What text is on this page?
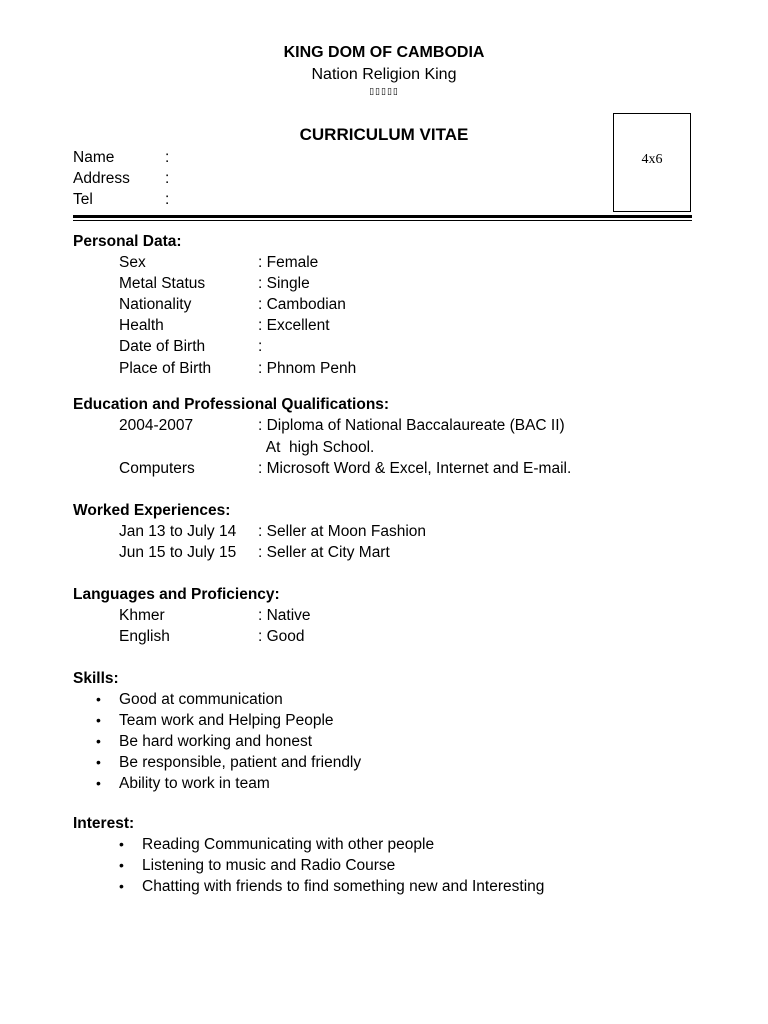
KING DOM OF CAMBODIA
Nation Religion King
▯▯▯▯▯
CURRICULUM VITAE
4x6
Name	:
Address :
Tel	:
Personal Data:
Sex	: Female
Metal Status	: Single
Nationality	: Cambodian
Health	: Excellent
Date of Birth	:
Place of Birth	: Phnom Penh
Education and Professional Qualifications:
2004-2007	: Diploma of National Baccalaureate (BAC II)
At  high School.
Computers	: Microsoft Word & Excel, Internet and E-mail.
Worked Experiences:
Jan 13 to July 14 : Seller at Moon Fashion
Jun 15 to July 15 : Seller at City Mart
Languages and Proficiency:
Khmer	: Native
English	: Good
Skills:
• Good at communication
• Team work and Helping People
• Be hard working and honest
• Be responsible, patient and friendly
• Ability to work in team
Interest:
• Reading Communicating with other people
• Listening to music and Radio Course
• Chatting with friends to find something new and Interesting
